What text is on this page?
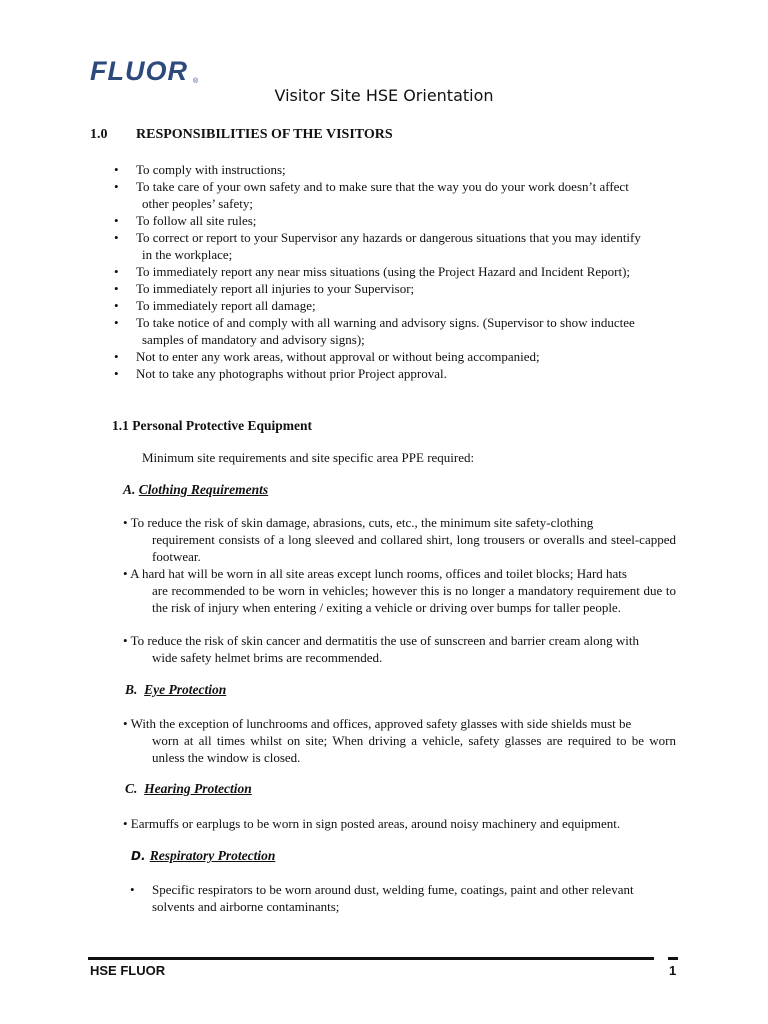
FLUOR ®
Visitor Site HSE Orientation
1.0 RESPONSIBILITIES OF THE VISITORS
• To comply with instructions;
• To take care of your own safety and to make sure that the way you do your work doesn’t affect
other peoples’ safety;
• To follow all site rules;
• To correct or report to your Supervisor any hazards or dangerous situations that you may identify
in the workplace;
• To immediately report any near miss situations (using the Project Hazard and Incident Report);
• To immediately report all injuries to your Supervisor;
• To immediately report all damage;
• To take notice of and comply with all warning and advisory signs. (Supervisor to show inductee
samples of mandatory and advisory signs);
• Not to enter any work areas, without approval or without being accompanied;
• Not to take any photographs without prior Project approval.
1.1 Personal Protective Equipment
Minimum site requirements and site specific area PPE required:
A. Clothing Requirements
• To reduce the risk of skin damage, abrasions, cuts, etc., the minimum site safety-clothing
requirement consists of a long sleeved and collared shirt, long trousers or overalls and steel-capped footwear.
• A hard hat will be worn in all site areas except lunch rooms, offices and toilet blocks; Hard hats
are recommended to be worn in vehicles; however this is no longer a mandatory requirement due to the risk of injury when entering / exiting a vehicle or driving over bumps for taller people.
• To reduce the risk of skin cancer and dermatitis the use of sunscreen and barrier cream along with
wide safety helmet brims are recommended.
B. Eye Protection
• With the exception of lunchrooms and offices, approved safety glasses with side shields must be
worn at all times whilst on site; When driving a vehicle, safety glasses are required to be worn unless the window is closed.
C. Hearing Protection
• Earmuffs or earplugs to be worn in sign posted areas, around noisy machinery and equipment.
D. Respiratory Protection
•	Specific respirators to be worn around dust, welding fume, coatings, paint and other relevant
solvents and airborne contaminants;
HSE FLUOR	1
